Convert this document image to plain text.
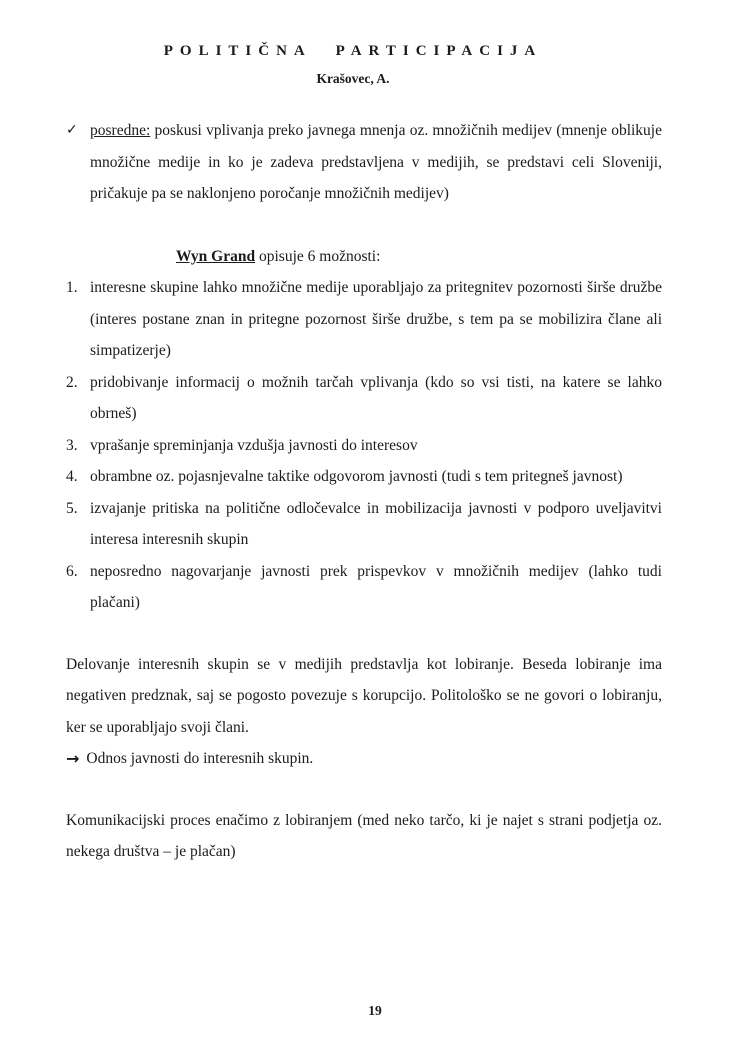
POLITIČNA PARTICIPACIJA
Krašovec, A.
✓ posredne: poskusi vplivanja preko javnega mnenja oz. množičnih medijev (mnenje oblikuje množične medije in ko je zadeva predstavljena v medijih, se predstavi celi Sloveniji, pričakuje pa se naklonjeno poročanje množičnih medijev)
Wyn Grand opisuje 6 možnosti:
1. interesne skupine lahko množične medije uporabljajo za pritegnitev pozornosti širše družbe (interes postane znan in pritegne pozornost širše družbe, s tem pa se mobilizira člane ali simpatizerje)
2. pridobivanje informacij o možnih tarčah vplivanja (kdo so vsi tisti, na katere se lahko obrneš)
3. vprašanje spreminjanja vzdušja javnosti do interesov
4. obrambne oz. pojasnjevalne taktike odgovorom javnosti (tudi s tem pritegneš javnost)
5. izvajanje pritiska na politične odločevalce in mobilizacija javnosti v podporo uveljavitvi interesa interesnih skupin
6. neposredno nagovarjanje javnosti prek prispevkov v množičnih medijev (lahko tudi plačani)

Delovanje interesnih skupin se v medijih predstavlja kot lobiranje. Beseda lobiranje ima negativen predznak, saj se pogosto povezuje s korupcijo. Politološko se ne govori o lobiranju, ker se uporabljajo svoji člani.

→ Odnos javnosti do interesnih skupin.

Komunikacijski proces enačimo z lobiranjem (med neko tarčo, ki je najet s strani podjetja oz. nekega društva – je plačan)

19
